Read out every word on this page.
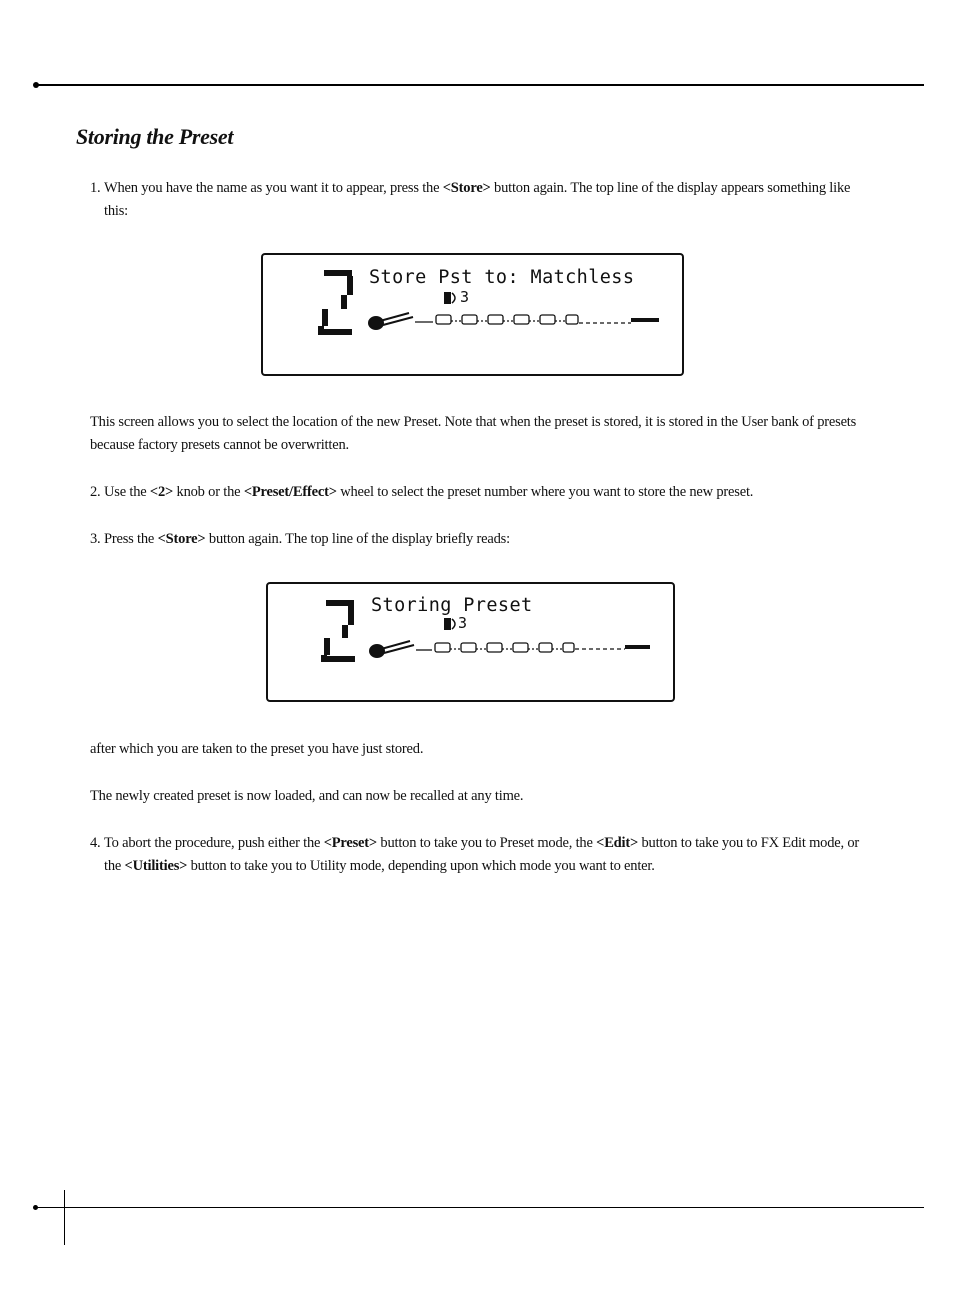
Storing the Preset
1. When you have the name as you want it to appear, press the <Store> button again. The top line of the display appears something like this:
Store Pst to: Matchless
3
This screen allows you to select the location of the new Preset. Note that when the preset is stored, it is stored in the User bank of presets because factory presets cannot be overwritten.
2. Use the <2> knob or the <Preset/Effect> wheel to select the preset number where you want to store the new preset.
3. Press the <Store> button again. The top line of the display briefly reads:
Storing Preset
3
after which you are taken to the preset you have just stored.
The newly created preset is now loaded, and can now be recalled at any time.
4. To abort the procedure, push either the <Preset> button to take you to Preset mode, the <Edit> button to take you to FX Edit mode, or the <Utilities> button to take you to Utility mode, depending upon which mode you want to enter.
